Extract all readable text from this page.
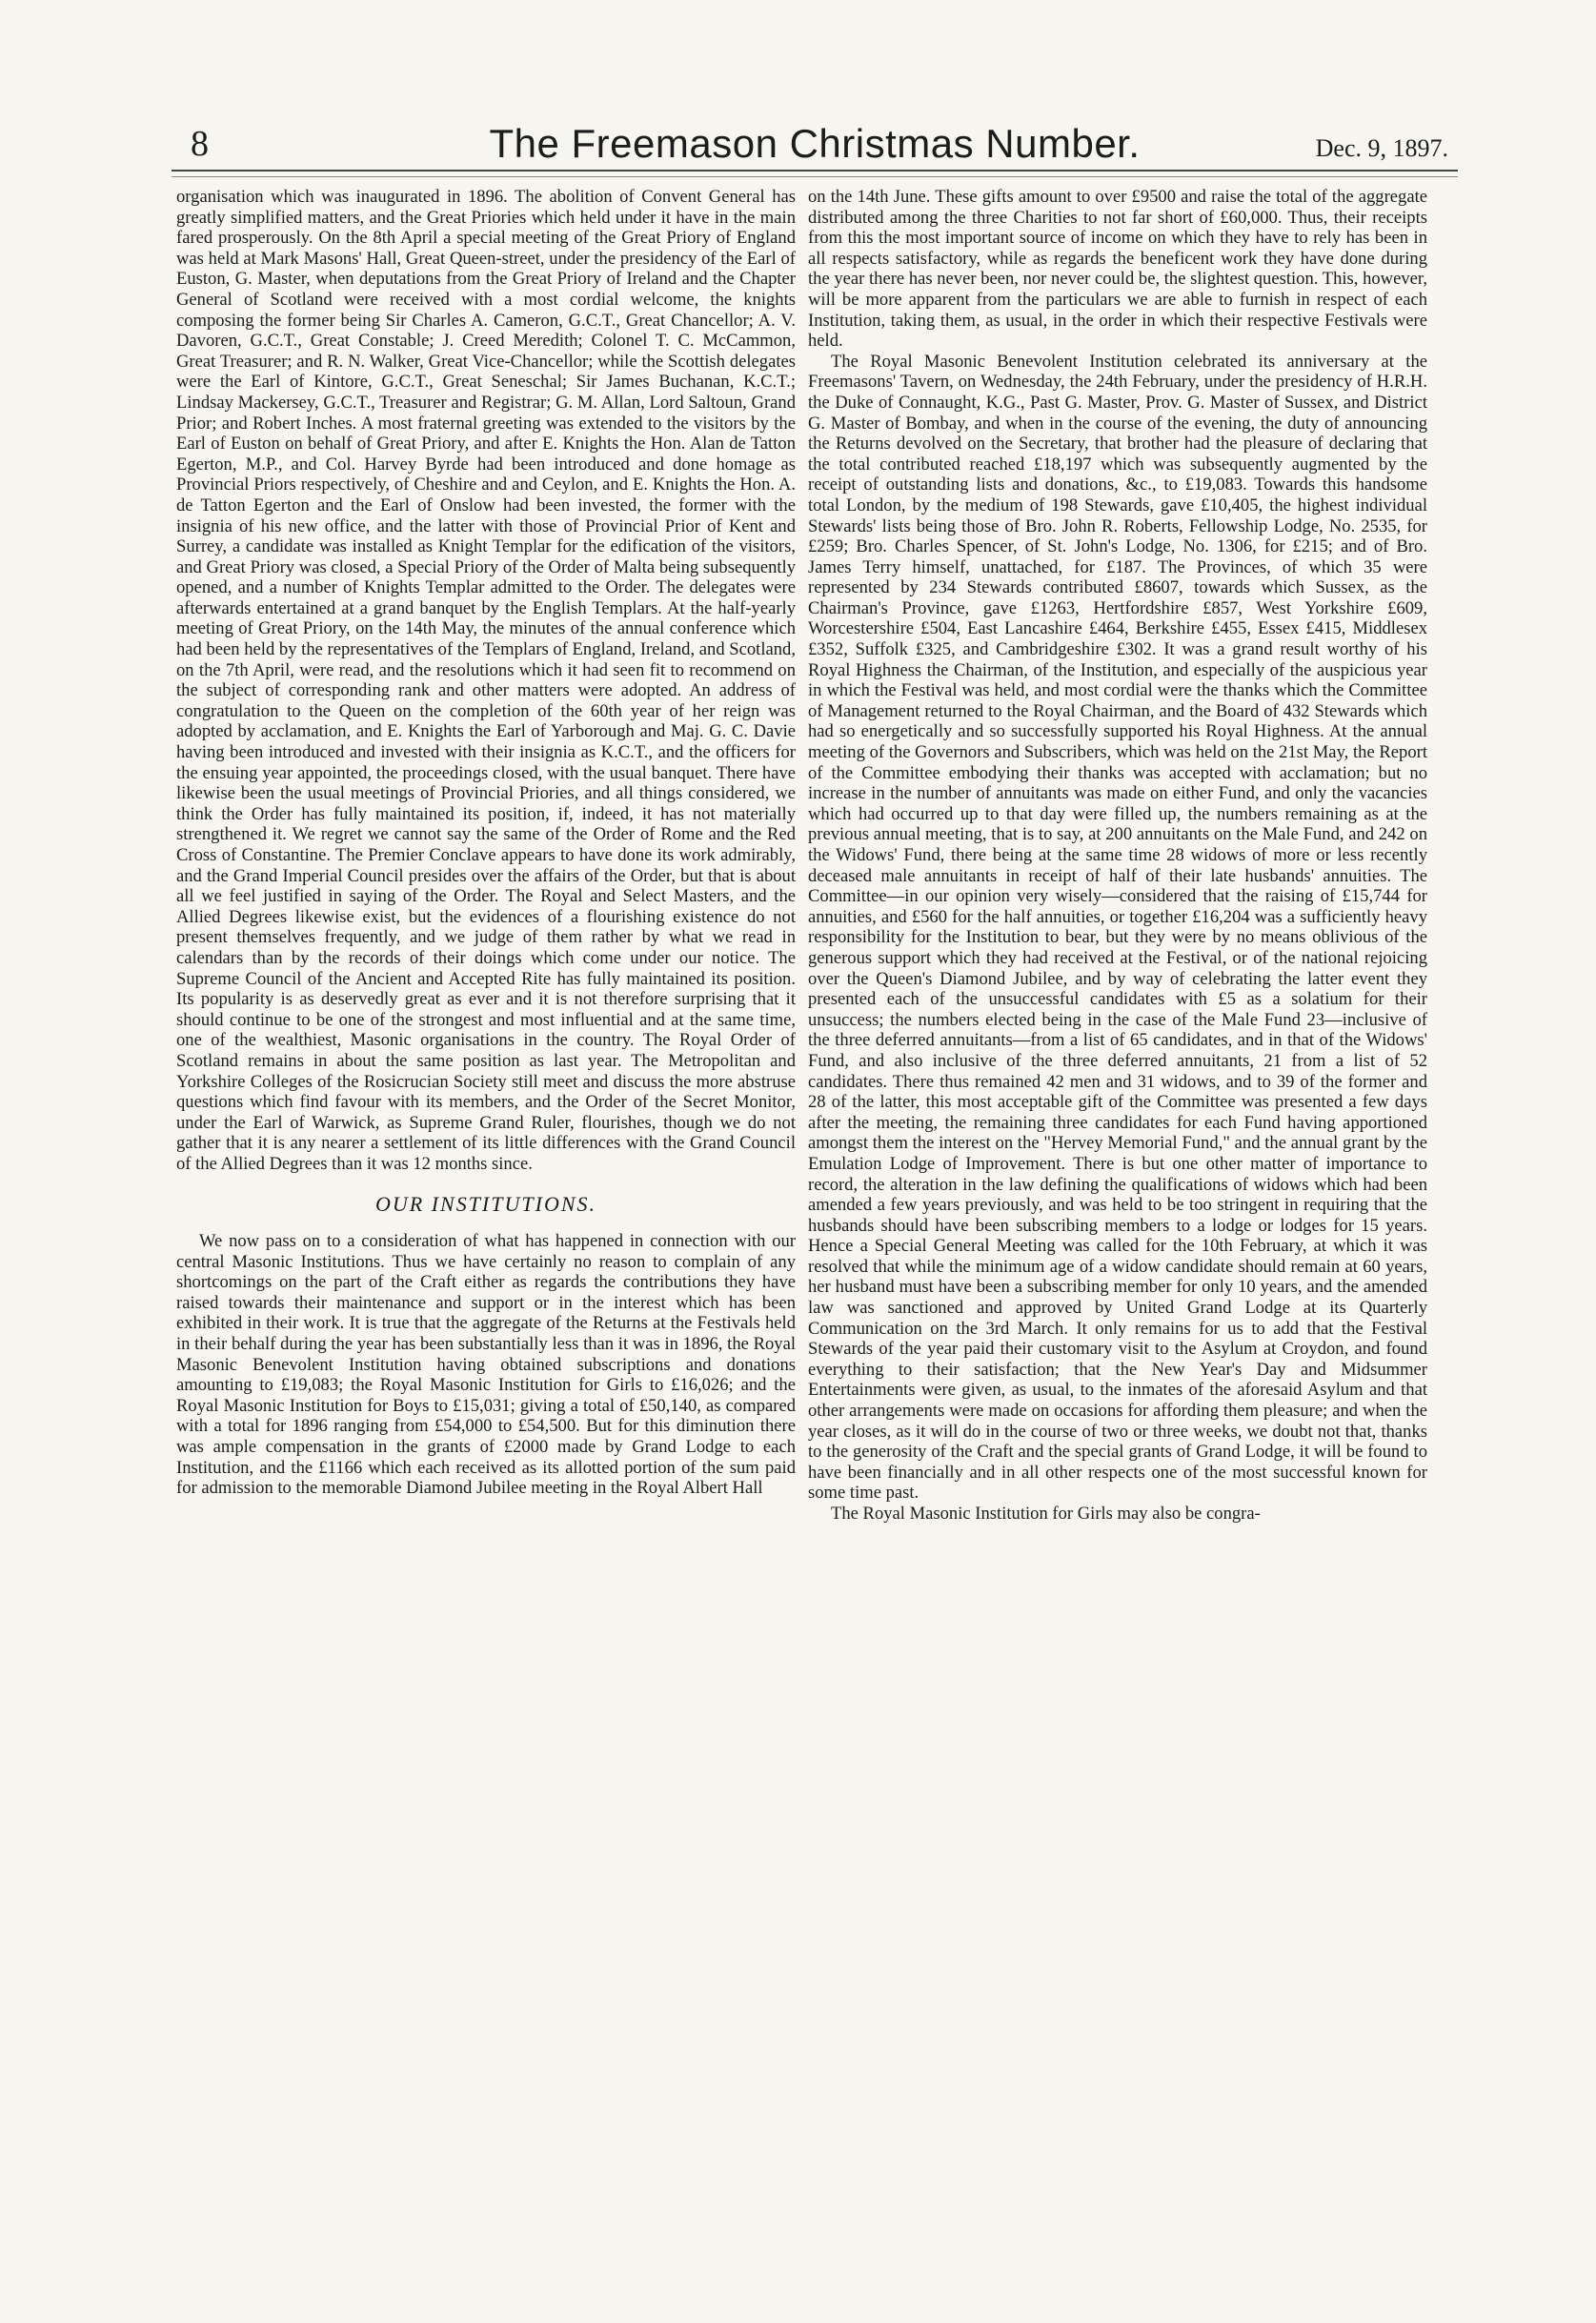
8	The Freemason Christmas Number.	Dec. 9, 1897.

organisation which was inaugurated in 1896. The abolition of Convent General has greatly simplified matters, and the Great Priories which held under it have in the main fared prosperously. On the 8th April a special meeting of the Great Priory of England was held at Mark Masons' Hall, Great Queen-street, under the presidency of the Earl of Euston, G. Master, when deputations from the Great Priory of Ireland and the Chapter General of Scotland were received with a most cordial welcome, the knights composing the former being Sir Charles A. Cameron, G.C.T., Great Chancellor; A. V. Davoren, G.C.T., Great Constable; J. Creed Meredith; Colonel T. C. McCammon, Great Treasurer; and R. N. Walker, Great Vice-Chancellor; while the Scottish delegates were the Earl of Kintore, G.C.T., Great Seneschal; Sir James Buchanan, K.C.T.; Lindsay Mackersey, G.C.T., Treasurer and Registrar; G. M. Allan, Lord Saltoun, Grand Prior; and Robert Inches. A most fraternal greeting was extended to the visitors by the Earl of Euston on behalf of Great Priory, and after E. Knights the Hon. Alan de Tatton Egerton, M.P., and Col. Harvey Byrde had been introduced and done homage as Provincial Priors respectively, of Cheshire and and Ceylon, and E. Knights the Hon. A. de Tatton Egerton and the Earl of Onslow had been invested, the former with the insignia of his new office, and the latter with those of Provincial Prior of Kent and Surrey, a candidate was installed as Knight Templar for the edification of the visitors, and Great Priory was closed, a Special Priory of the Order of Malta being subsequently opened, and a number of Knights Templar admitted to the Order. The delegates were afterwards entertained at a grand banquet by the English Templars. At the half-yearly meeting of Great Priory, on the 14th May, the minutes of the annual conference which had been held by the representatives of the Templars of England, Ireland, and Scotland, on the 7th April, were read, and the resolutions which it had seen fit to recommend on the subject of corresponding rank and other matters were adopted. An address of congratulation to the Queen on the completion of the 60th year of her reign was adopted by acclamation, and E. Knights the Earl of Yarborough and Maj. G. C. Davie having been introduced and invested with their insignia as K.C.T., and the officers for the ensuing year appointed, the proceedings closed, with the usual banquet. There have likewise been the usual meetings of Provincial Priories, and all things considered, we think the Order has fully maintained its position, if, indeed, it has not materially strengthened it. We regret we cannot say the same of the Order of Rome and the Red Cross of Constantine. The Premier Conclave appears to have done its work admirably, and the Grand Imperial Council presides over the affairs of the Order, but that is about all we feel justified in saying of the Order. The Royal and Select Masters, and the Allied Degrees likewise exist, but the evidences of a flourishing existence do not present themselves frequently, and we judge of them rather by what we read in calendars than by the records of their doings which come under our notice. The Supreme Council of the Ancient and Accepted Rite has fully maintained its position. Its popularity is as deservedly great as ever and it is not therefore surprising that it should continue to be one of the strongest and most influential and at the same time, one of the wealthiest, Masonic organisations in the country. The Royal Order of Scotland remains in about the same position as last year. The Metropolitan and Yorkshire Colleges of the Rosicrucian Society still meet and discuss the more abstruse questions which find favour with its members, and the Order of the Secret Monitor, under the Earl of Warwick, as Supreme Grand Ruler, flourishes, though we do not gather that it is any nearer a settlement of its little differences with the Grand Council of the Allied Degrees than it was 12 months since.

OUR INSTITUTIONS.

We now pass on to a consideration of what has happened in connection with our central Masonic Institutions. Thus we have certainly no reason to complain of any shortcomings on the part of the Craft either as regards the contributions they have raised towards their maintenance and support or in the interest which has been exhibited in their work. It is true that the aggregate of the Returns at the Festivals held in their behalf during the year has been substantially less than it was in 1896, the Royal Masonic Benevolent Institution having obtained subscriptions and donations amounting to £19,083; the Royal Masonic Institution for Girls to £16,026; and the Royal Masonic Institution for Boys to £15,031; giving a total of £50,140, as compared with a total for 1896 ranging from £54,000 to £54,500. But for this diminution there was ample compensation in the grants of £2000 made by Grand Lodge to each Institution, and the £1166 which each received as its allotted portion of the sum paid for admission to the memorable Diamond Jubilee meeting in the Royal Albert Hall

on the 14th June. These gifts amount to over £9500 and raise the total of the aggregate distributed among the three Charities to not far short of £60,000. Thus, their receipts from this the most important source of income on which they have to rely has been in all respects satisfactory, while as regards the beneficent work they have done during the year there has never been, nor never could be, the slightest question. This, however, will be more apparent from the particulars we are able to furnish in respect of each Institution, taking them, as usual, in the order in which their respective Festivals were held.

The Royal Masonic Benevolent Institution celebrated its anniversary at the Freemasons' Tavern, on Wednesday, the 24th February, under the presidency of H.R.H. the Duke of Connaught, K.G., Past G. Master, Prov. G. Master of Sussex, and District G. Master of Bombay, and when in the course of the evening, the duty of announcing the Returns devolved on the Secretary, that brother had the pleasure of declaring that the total contributed reached £18,197 which was subsequently augmented by the receipt of outstanding lists and donations, &c., to £19,083. Towards this handsome total London, by the medium of 198 Stewards, gave £10,405, the highest individual Stewards' lists being those of Bro. John R. Roberts, Fellowship Lodge, No. 2535, for £259; Bro. Charles Spencer, of St. John's Lodge, No. 1306, for £215; and of Bro. James Terry himself, unattached, for £187. The Provinces, of which 35 were represented by 234 Stewards contributed £8607, towards which Sussex, as the Chairman's Province, gave £1263, Hertfordshire £857, West Yorkshire £609, Worcestershire £504, East Lancashire £464, Berkshire £455, Essex £415, Middlesex £352, Suffolk £325, and Cambridgeshire £302. It was a grand result worthy of his Royal Highness the Chairman, of the Institution, and especially of the auspicious year in which the Festival was held, and most cordial were the thanks which the Committee of Management returned to the Royal Chairman, and the Board of 432 Stewards which had so energetically and so successfully supported his Royal Highness. At the annual meeting of the Governors and Subscribers, which was held on the 21st May, the Report of the Committee embodying their thanks was accepted with acclamation; but no increase in the number of annuitants was made on either Fund, and only the vacancies which had occurred up to that day were filled up, the numbers remaining as at the previous annual meeting, that is to say, at 200 annuitants on the Male Fund, and 242 on the Widows' Fund, there being at the same time 28 widows of more or less recently deceased male annuitants in receipt of half of their late husbands' annuities. The Committee—in our opinion very wisely—considered that the raising of £15,744 for annuities, and £560 for the half annuities, or together £16,204 was a sufficiently heavy responsibility for the Institution to bear, but they were by no means oblivious of the generous support which they had received at the Festival, or of the national rejoicing over the Queen's Diamond Jubilee, and by way of celebrating the latter event they presented each of the unsuccessful candidates with £5 as a solatium for their unsuccess; the numbers elected being in the case of the Male Fund 23—inclusive of the three deferred annuitants—from a list of 65 candidates, and in that of the Widows' Fund, and also inclusive of the three deferred annuitants, 21 from a list of 52 candidates. There thus remained 42 men and 31 widows, and to 39 of the former and 28 of the latter, this most acceptable gift of the Committee was presented a few days after the meeting, the remaining three candidates for each Fund having apportioned amongst them the interest on the "Hervey Memorial Fund," and the annual grant by the Emulation Lodge of Improvement. There is but one other matter of importance to record, the alteration in the law defining the qualifications of widows which had been amended a few years previously, and was held to be too stringent in requiring that the husbands should have been subscribing members to a lodge or lodges for 15 years. Hence a Special General Meeting was called for the 10th February, at which it was resolved that while the minimum age of a widow candidate should remain at 60 years, her husband must have been a subscribing member for only 10 years, and the amended law was sanctioned and approved by United Grand Lodge at its Quarterly Communication on the 3rd March. It only remains for us to add that the Festival Stewards of the year paid their customary visit to the Asylum at Croydon, and found everything to their satisfaction; that the New Year's Day and Midsummer Entertainments were given, as usual, to the inmates of the aforesaid Asylum and that other arrangements were made on occasions for affording them pleasure; and when the year closes, as it will do in the course of two or three weeks, we doubt not that, thanks to the generosity of the Craft and the special grants of Grand Lodge, it will be found to have been financially and in all other respects one of the most successful known for some time past.

The Royal Masonic Institution for Girls may also be congra-
